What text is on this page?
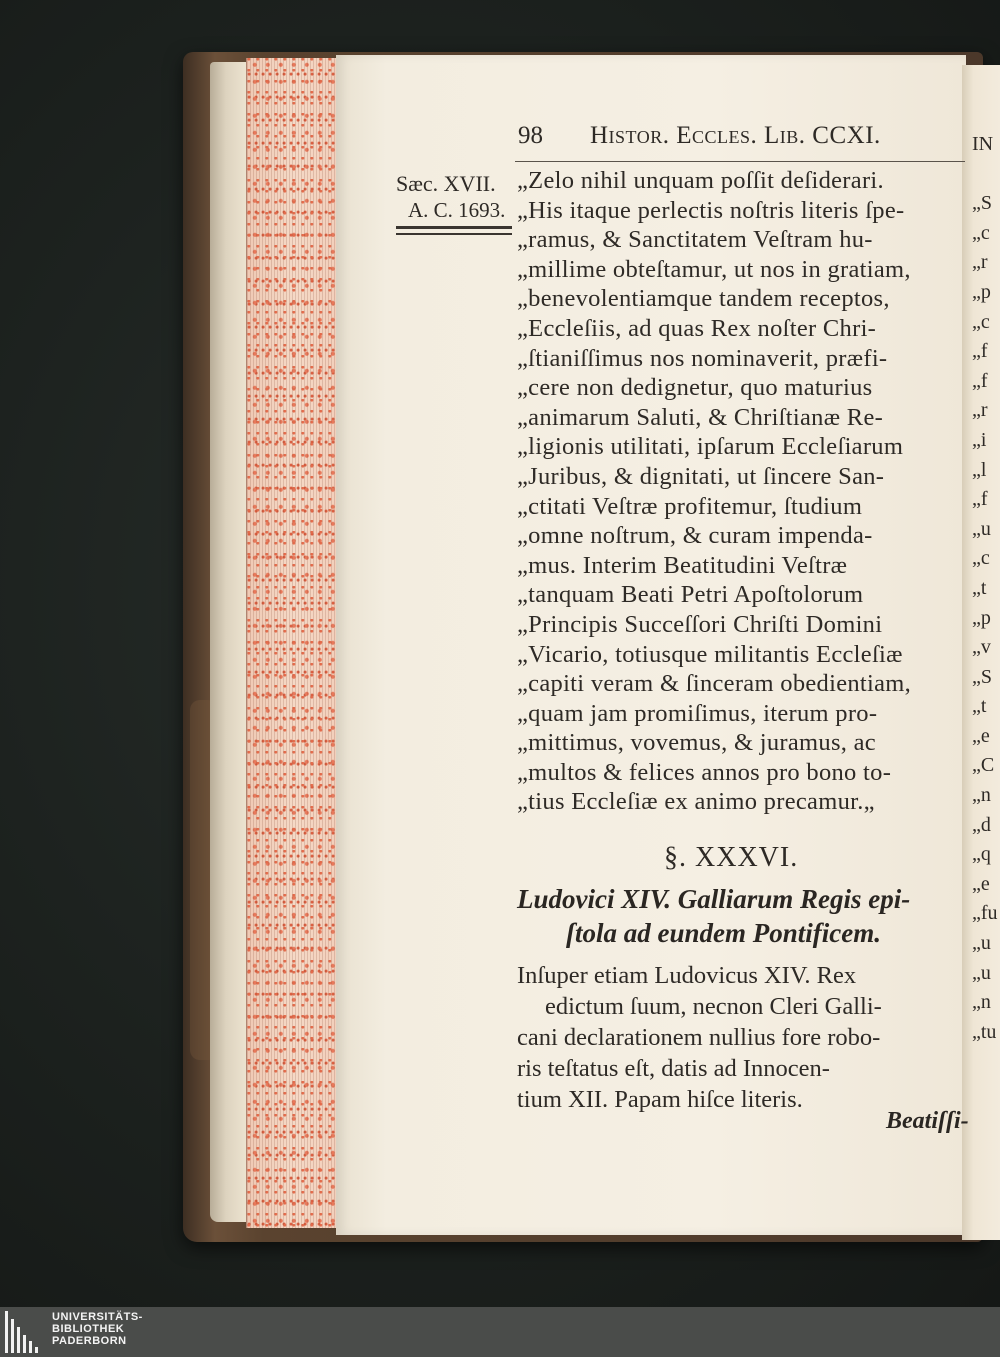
98 Histor. Eccles. Lib. CCXI.
Sæc. XVII.
A. C. 1693.
„Zelo nihil unquam poſſit deſiderari.
„His itaque perlectis noſtris literis ſpe-
„ramus, & Sanctitatem Veſtram hu-
„millime obteſtamur, ut nos in gratiam,
„benevolentiamque tandem receptos,
„Eccleſiis, ad quas Rex noſter Chri-
„ſtianiſſimus nos nominaverit, præfi-
„cere non dedignetur, quo maturius
„animarum Saluti, & Chriſtianæ Re-
„ligionis utilitati, ipſarum Eccleſiarum
„Juribus, & dignitati, ut ſincere San-
„ctitati Veſtræ profitemur, ſtudium
„omne noſtrum, & curam impenda-
„mus. Interim Beatitudini Veſtræ
„tanquam Beati Petri Apoſtolorum
„Principis Succeſſori Chriſti Domini
„Vicario, totiusque militantis Eccleſiæ
„capiti veram & ſinceram obedientiam,
„quam jam promiſimus, iterum pro-
„mittimus, vovemus, & juramus, ac
„multos & felices annos pro bono to-
„tius Eccleſiæ ex animo precamur.„
§. XXXVI.
Ludovici XIV. Galliarum Regis epi-
ſtola ad eundem Pontificem.
Inſuper etiam Ludovicus XIV. Rex
edictum ſuum, necnon Cleri Galli-
cani declarationem nullius fore robo-
ris teſtatus eſt, datis ad Innocen-
tium XII. Papam hiſce literis.
Beatiſſi-
IN
„S
„c
„r
„p
„c
„f
„f
„r
„i
„l
„f
„u
„c
„t
„p
„v
„S
„t
„e
„C
„n
„d
„q
„e
„fu
„u
„u
„n
„tu
UNIVERSITÄTS-
BIBLIOTHEK
PADERBORN
